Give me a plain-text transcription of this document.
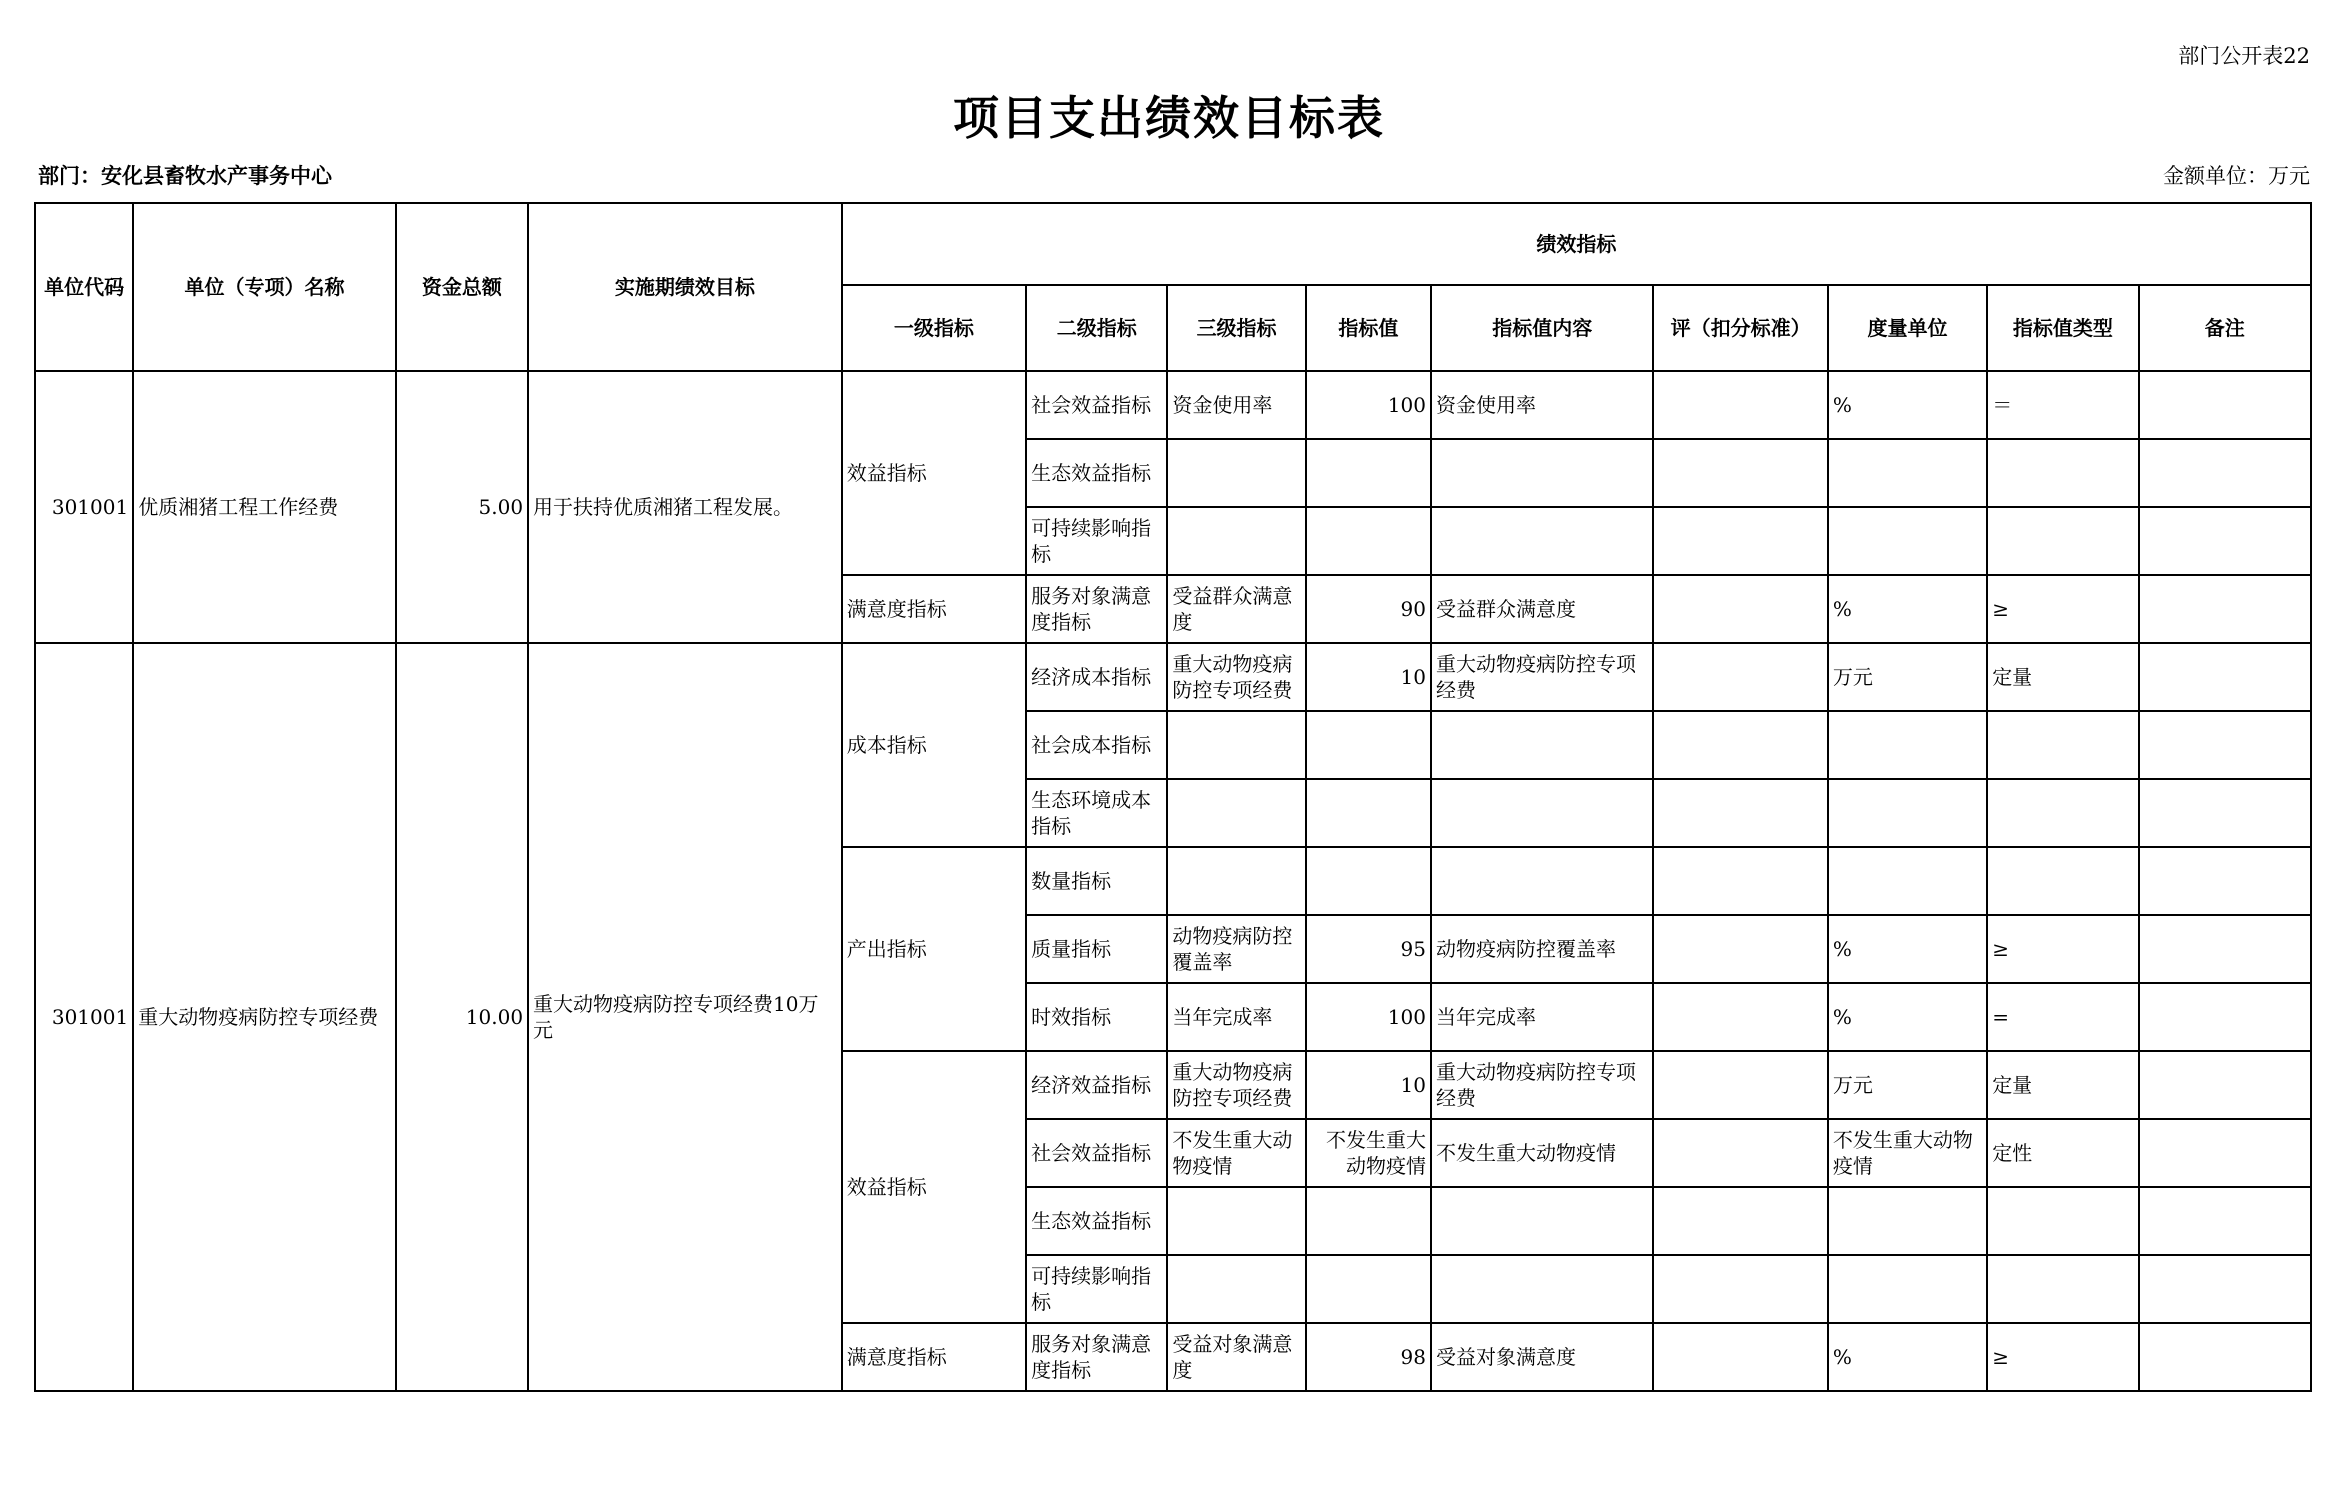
部门公开表22
项目支出绩效目标表
部门：安化县畜牧水产事务中心	金额单位：万元
单位代码	单位（专项）名称	资金总额	实施期绩效目标	绩效指标								
				一级指标	二级指标	三级指标	指标值	指标值内容	评（扣分标准）	度量单位	指标值类型	备注
301001	优质湘猪工程工作经费	5.00	用于扶持优质湘猪工程发展。	效益指标	社会效益指标	资金使用率	100	资金使用率		%	＝	
					生态效益指标							
					可持续影响指标							
				满意度指标	服务对象满意度指标	受益群众满意度	90	受益群众满意度		%	≥	
301001	重大动物疫病防控专项经费	10.00	重大动物疫病防控专项经费10万元	成本指标	经济成本指标	重大动物疫病防控专项经费	10	重大动物疫病防控专项经费		万元	定量	
					社会成本指标							
					生态环境成本指标							
				产出指标	数量指标							
					质量指标	动物疫病防控覆盖率	95	动物疫病防控覆盖率		%	≥	
					时效指标	当年完成率	100	当年完成率		%	=	
				效益指标	经济效益指标	重大动物疫病防控专项经费	10	重大动物疫病防控专项经费		万元	定量	
					社会效益指标	不发生重大动物疫情	不发生重大动物疫情	不发生重大动物疫情		不发生重大动物疫情	定性	
					生态效益指标							
					可持续影响指标							
				满意度指标	服务对象满意度指标	受益对象满意度	98	受益对象满意度		%	≥	
